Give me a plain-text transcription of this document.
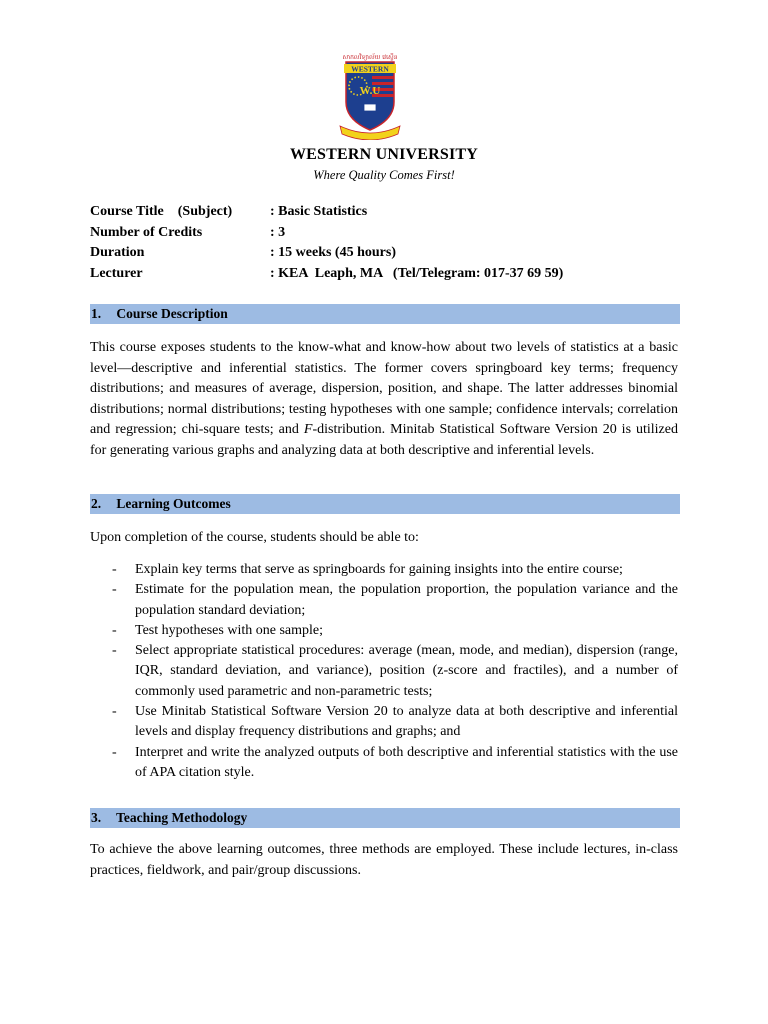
សាកលវិទ្យាល័យ វេស្ទើន
WESTERN
W.U
WESTERN UNIVERSITY
Where Quality Comes First!
Course Title    (Subject)	: Basic Statistics
Number of Credits	: 3
Duration	: 15 weeks (45 hours)
Lecturer	: KEA  Leaph, MA   (Tel/Telegram: 017-37 69 59)
1. Course Description
This course exposes students to the know-what and know-how about two levels of statistics at a basic level—descriptive and inferential statistics. The former covers springboard key terms; frequency distributions; and measures of average, dispersion, position, and shape. The latter addresses binomial distributions; normal distributions; testing hypotheses with one sample; confidence intervals; correlation and regression; chi-square tests; and F-distribution. Minitab Statistical Software Version 20 is utilized for generating various graphs and analyzing data at both descriptive and inferential levels.
2. Learning Outcomes
Upon completion of the course, students should be able to:
-	Explain key terms that serve as springboards for gaining insights into the entire course;
-	Estimate for the population mean, the population proportion, the population variance and the population standard deviation;
-	Test hypotheses with one sample;
-	Select appropriate statistical procedures: average (mean, mode, and median), dispersion (range, IQR, standard deviation, and variance), position (z-score and fractiles), and a number of commonly used parametric and non-parametric tests;
-	Use Minitab Statistical Software Version 20 to analyze data at both descriptive and inferential levels and display frequency distributions and graphs; and
-	Interpret and write the analyzed outputs of both descriptive and inferential statistics with the use of APA citation style.
3. Teaching Methodology
To achieve the above learning outcomes, three methods are employed. These include lectures, in-class practices, fieldwork, and pair/group discussions.
